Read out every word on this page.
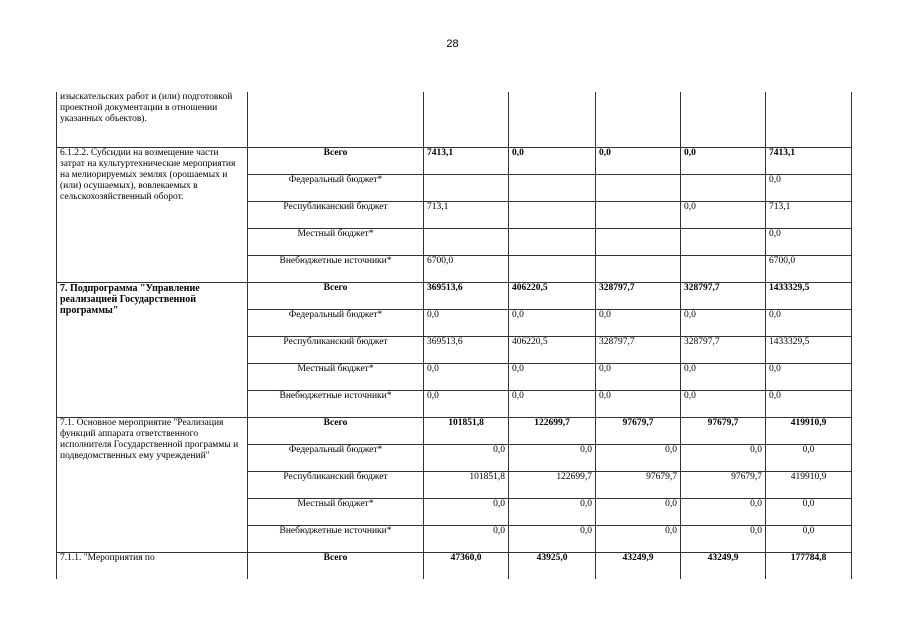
28
изыскательских работ и (или) подготовкой проектной документации в отношении указанных объектов).						
6.1.2.2. Субсидии на возмещение части затрат на культуртехнические мероприятия на мелиорируемых землях (орошаемых и (или) осушаемых), вовлекаемых в сельскохозяйственный оборот.	Всего	7413,1	0,0	0,0	0,0	7413,1
	Федеральный бюджет*					0,0
	Республиканский бюджет	713,1			0,0	713,1
	Местный бюджет*					0,0
	Внебюджетные источники*	6700,0				6700,0
7. Подпрограмма "Управление реализацией Государственной программы"	Всего	369513,6	406220,5	328797,7	328797,7	1433329,5
	Федеральный бюджет*	0,0	0,0	0,0	0,0	0,0
	Республиканский бюджет	369513,6	406220,5	328797,7	328797,7	1433329,5
	Местный бюджет*	0,0	0,0	0,0	0,0	0,0
	Внебюджетные источники*	0,0	0,0	0,0	0,0	0,0
7.1. Основное мероприятие "Реализация функций аппарата ответственного исполнителя Государственной программы и подведомственных ему учреждений"	Всего	101851,8	122699,7	97679,7	97679,7	419910,9
	Федеральный бюджет*	0,0	0,0	0,0	0,0	0,0
	Республиканский бюджет	101851,8	122699,7	97679,7	97679,7	419910,9
	Местный бюджет*	0,0	0,0	0,0	0,0	0,0
	Внебюджетные источники*	0,0	0,0	0,0	0,0	0,0
7.1.1. "Мероприятия по	Всего	47360,0	43925,0	43249,9	43249,9	177784,8
